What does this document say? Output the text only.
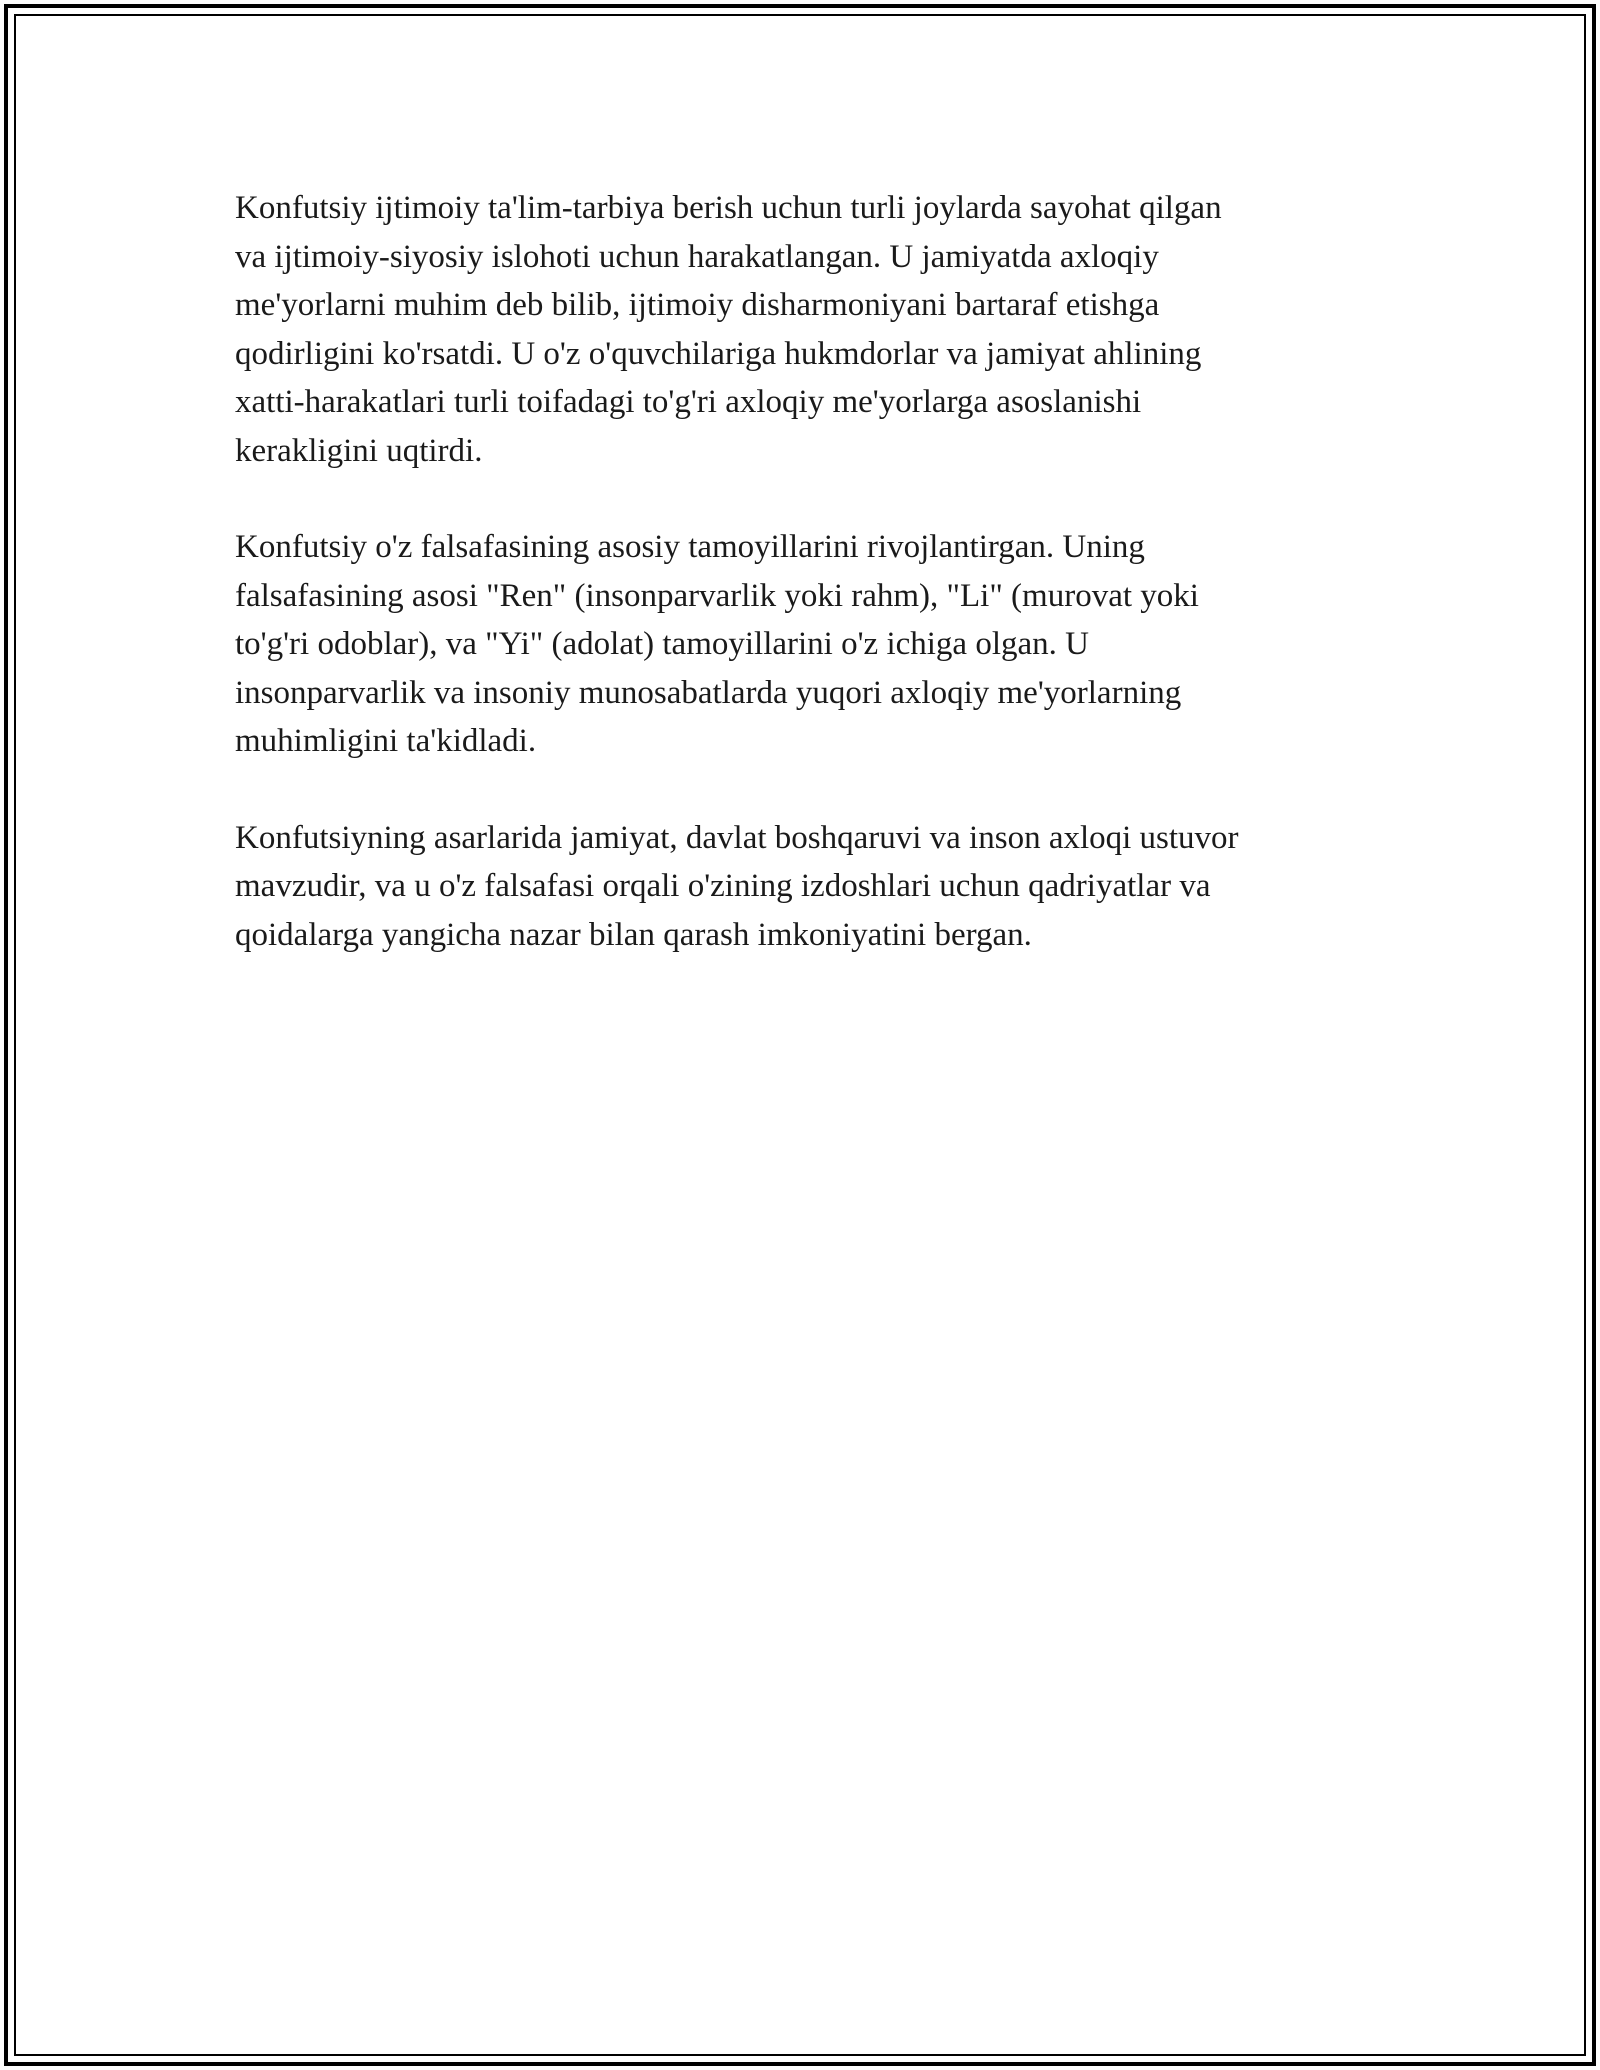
Konfutsiy ijtimoiy ta'lim-tarbiya berish uchun turli joylarda sayohat qilgan
va ijtimoiy-siyosiy islohoti uchun harakatlangan. U jamiyatda axloqiy
me'yorlarni muhim deb bilib, ijtimoiy disharmoniyani bartaraf etishga
qodirligini ko'rsatdi. U o'z o'quvchilariga hukmdorlar va jamiyat ahlining
xatti-harakatlari turli toifadagi to'g'ri axloqiy me'yorlarga asoslanishi
kerakligini uqtirdi.

Konfutsiy o'z falsafasining asosiy tamoyillarini rivojlantirgan. Uning
falsafasining asosi "Ren" (insonparvarlik yoki rahm), "Li" (murovat yoki
to'g'ri odoblar), va "Yi" (adolat) tamoyillarini o'z ichiga olgan. U
insonparvarlik va insoniy munosabatlarda yuqori axloqiy me'yorlarning
muhimligini ta'kidladi.

Konfutsiyning asarlarida jamiyat, davlat boshqaruvi va inson axloqi ustuvor
mavzudir, va u o'z falsafasi orqali o'zining izdoshlari uchun qadriyatlar va
qoidalarga yangicha nazar bilan qarash imkoniyatini bergan.
